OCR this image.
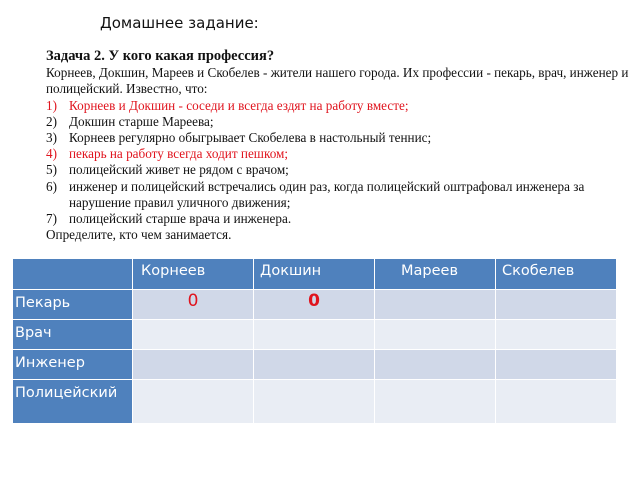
Домашнее задание:
Задача 2. У кого какая профессия?

Корнеев, Докшин, Мареев и Скобелев - жители нашего города. Их профессии - пекарь, врач, инженер и полицейский. Известно, что:

1) Корнеев и Докшин - соседи и всегда ездят на работу вместе;
2) Докшин старше Мареева;
3) Корнеев регулярно обыгрывает Скобелева в настольный теннис;
4) пекарь на работу всегда ходит пешком;
5) полицейский живет не рядом с врачом;
6) инженер и полицейский встречались один раз, когда полицейский оштрафовал инженера за нарушение правил уличного движения;
7) полицейский старше врача и инженера.

Определите, кто чем занимается.

	Корнеев	Докшин	Мареев	Скобелев
Пекарь	0	0		

Врач	

Инженер	

Полицейский	
